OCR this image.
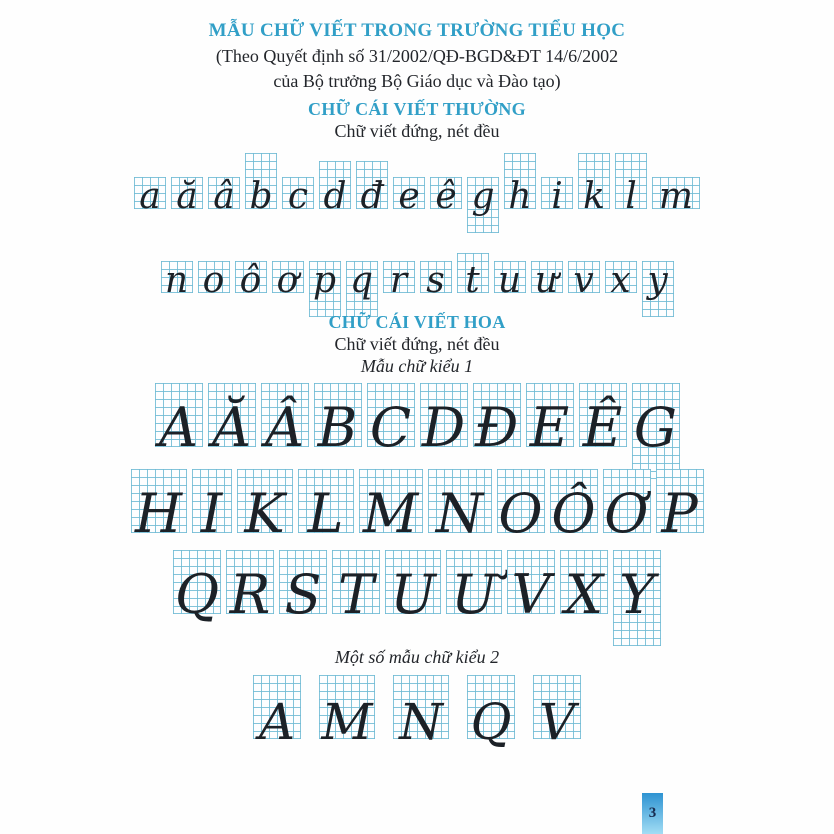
MẪU CHỮ VIẾT TRONG TRƯỜNG TIỂU HỌC
(Theo Quyết định số 31/2002/QĐ-BGD&ĐT 14/6/2002
của Bộ trưởng Bộ Giáo dục và Đào tạo)
CHỮ CÁI VIẾT THƯỜNG
Chữ viết đứng, nét đều
a ă â b c d đ e ê g h i k l m
n o ô ơ p q r s t u ư v x y
CHỮ CÁI VIẾT HOA
Chữ viết đứng, nét đều
Mẫu chữ kiểu 1
A Ă Â B C D Đ E Ê G
H I K L M N O Ô Ơ P
Q R S T U Ư V X Y
Một số mẫu chữ kiểu 2
A M N Q V
3
